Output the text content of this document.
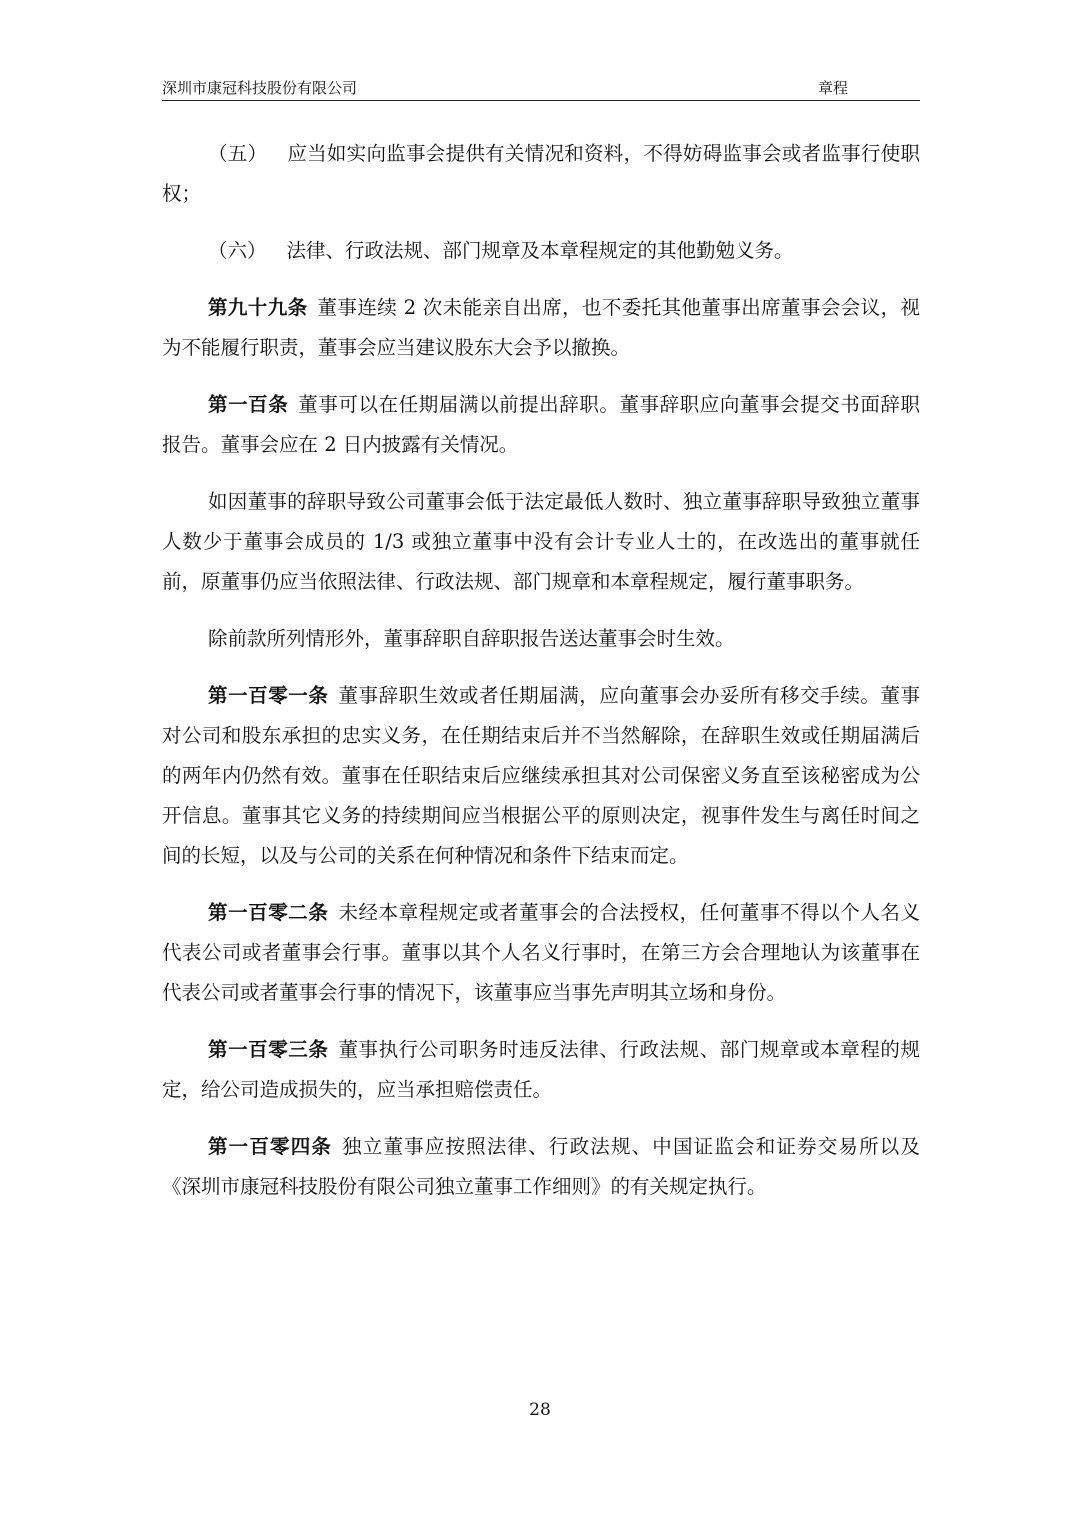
深圳市康冠科技股份有限公司	章程

（五） 应当如实向监事会提供有关情况和资料，不得妨碍监事会或者监事行使职权；

（六） 法律、行政法规、部门规章及本章程规定的其他勤勉义务。

第九十九条 董事连续 2 次未能亲自出席，也不委托其他董事出席董事会会议，视为不能履行职责，董事会应当建议股东大会予以撤换。

第一百条 董事可以在任期届满以前提出辞职。董事辞职应向董事会提交书面辞职报告。董事会应在 2 日内披露有关情况。

如因董事的辞职导致公司董事会低于法定最低人数时、独立董事辞职导致独立董事人数少于董事会成员的 1/3 或独立董事中没有会计专业人士的，在改选出的董事就任前，原董事仍应当依照法律、行政法规、部门规章和本章程规定，履行董事职务。

除前款所列情形外，董事辞职自辞职报告送达董事会时生效。

第一百零一条 董事辞职生效或者任期届满，应向董事会办妥所有移交手续。董事对公司和股东承担的忠实义务，在任期结束后并不当然解除，在辞职生效或任期届满后的两年内仍然有效。董事在任职结束后应继续承担其对公司保密义务直至该秘密成为公开信息。董事其它义务的持续期间应当根据公平的原则决定，视事件发生与离任时间之间的长短，以及与公司的关系在何种情况和条件下结束而定。

第一百零二条 未经本章程规定或者董事会的合法授权，任何董事不得以个人名义代表公司或者董事会行事。董事以其个人名义行事时，在第三方会合理地认为该董事在代表公司或者董事会行事的情况下，该董事应当事先声明其立场和身份。

第一百零三条 董事执行公司职务时违反法律、行政法规、部门规章或本章程的规定，给公司造成损失的，应当承担赔偿责任。

第一百零四条 独立董事应按照法律、行政法规、中国证监会和证券交易所以及《深圳市康冠科技股份有限公司独立董事工作细则》的有关规定执行。

28
